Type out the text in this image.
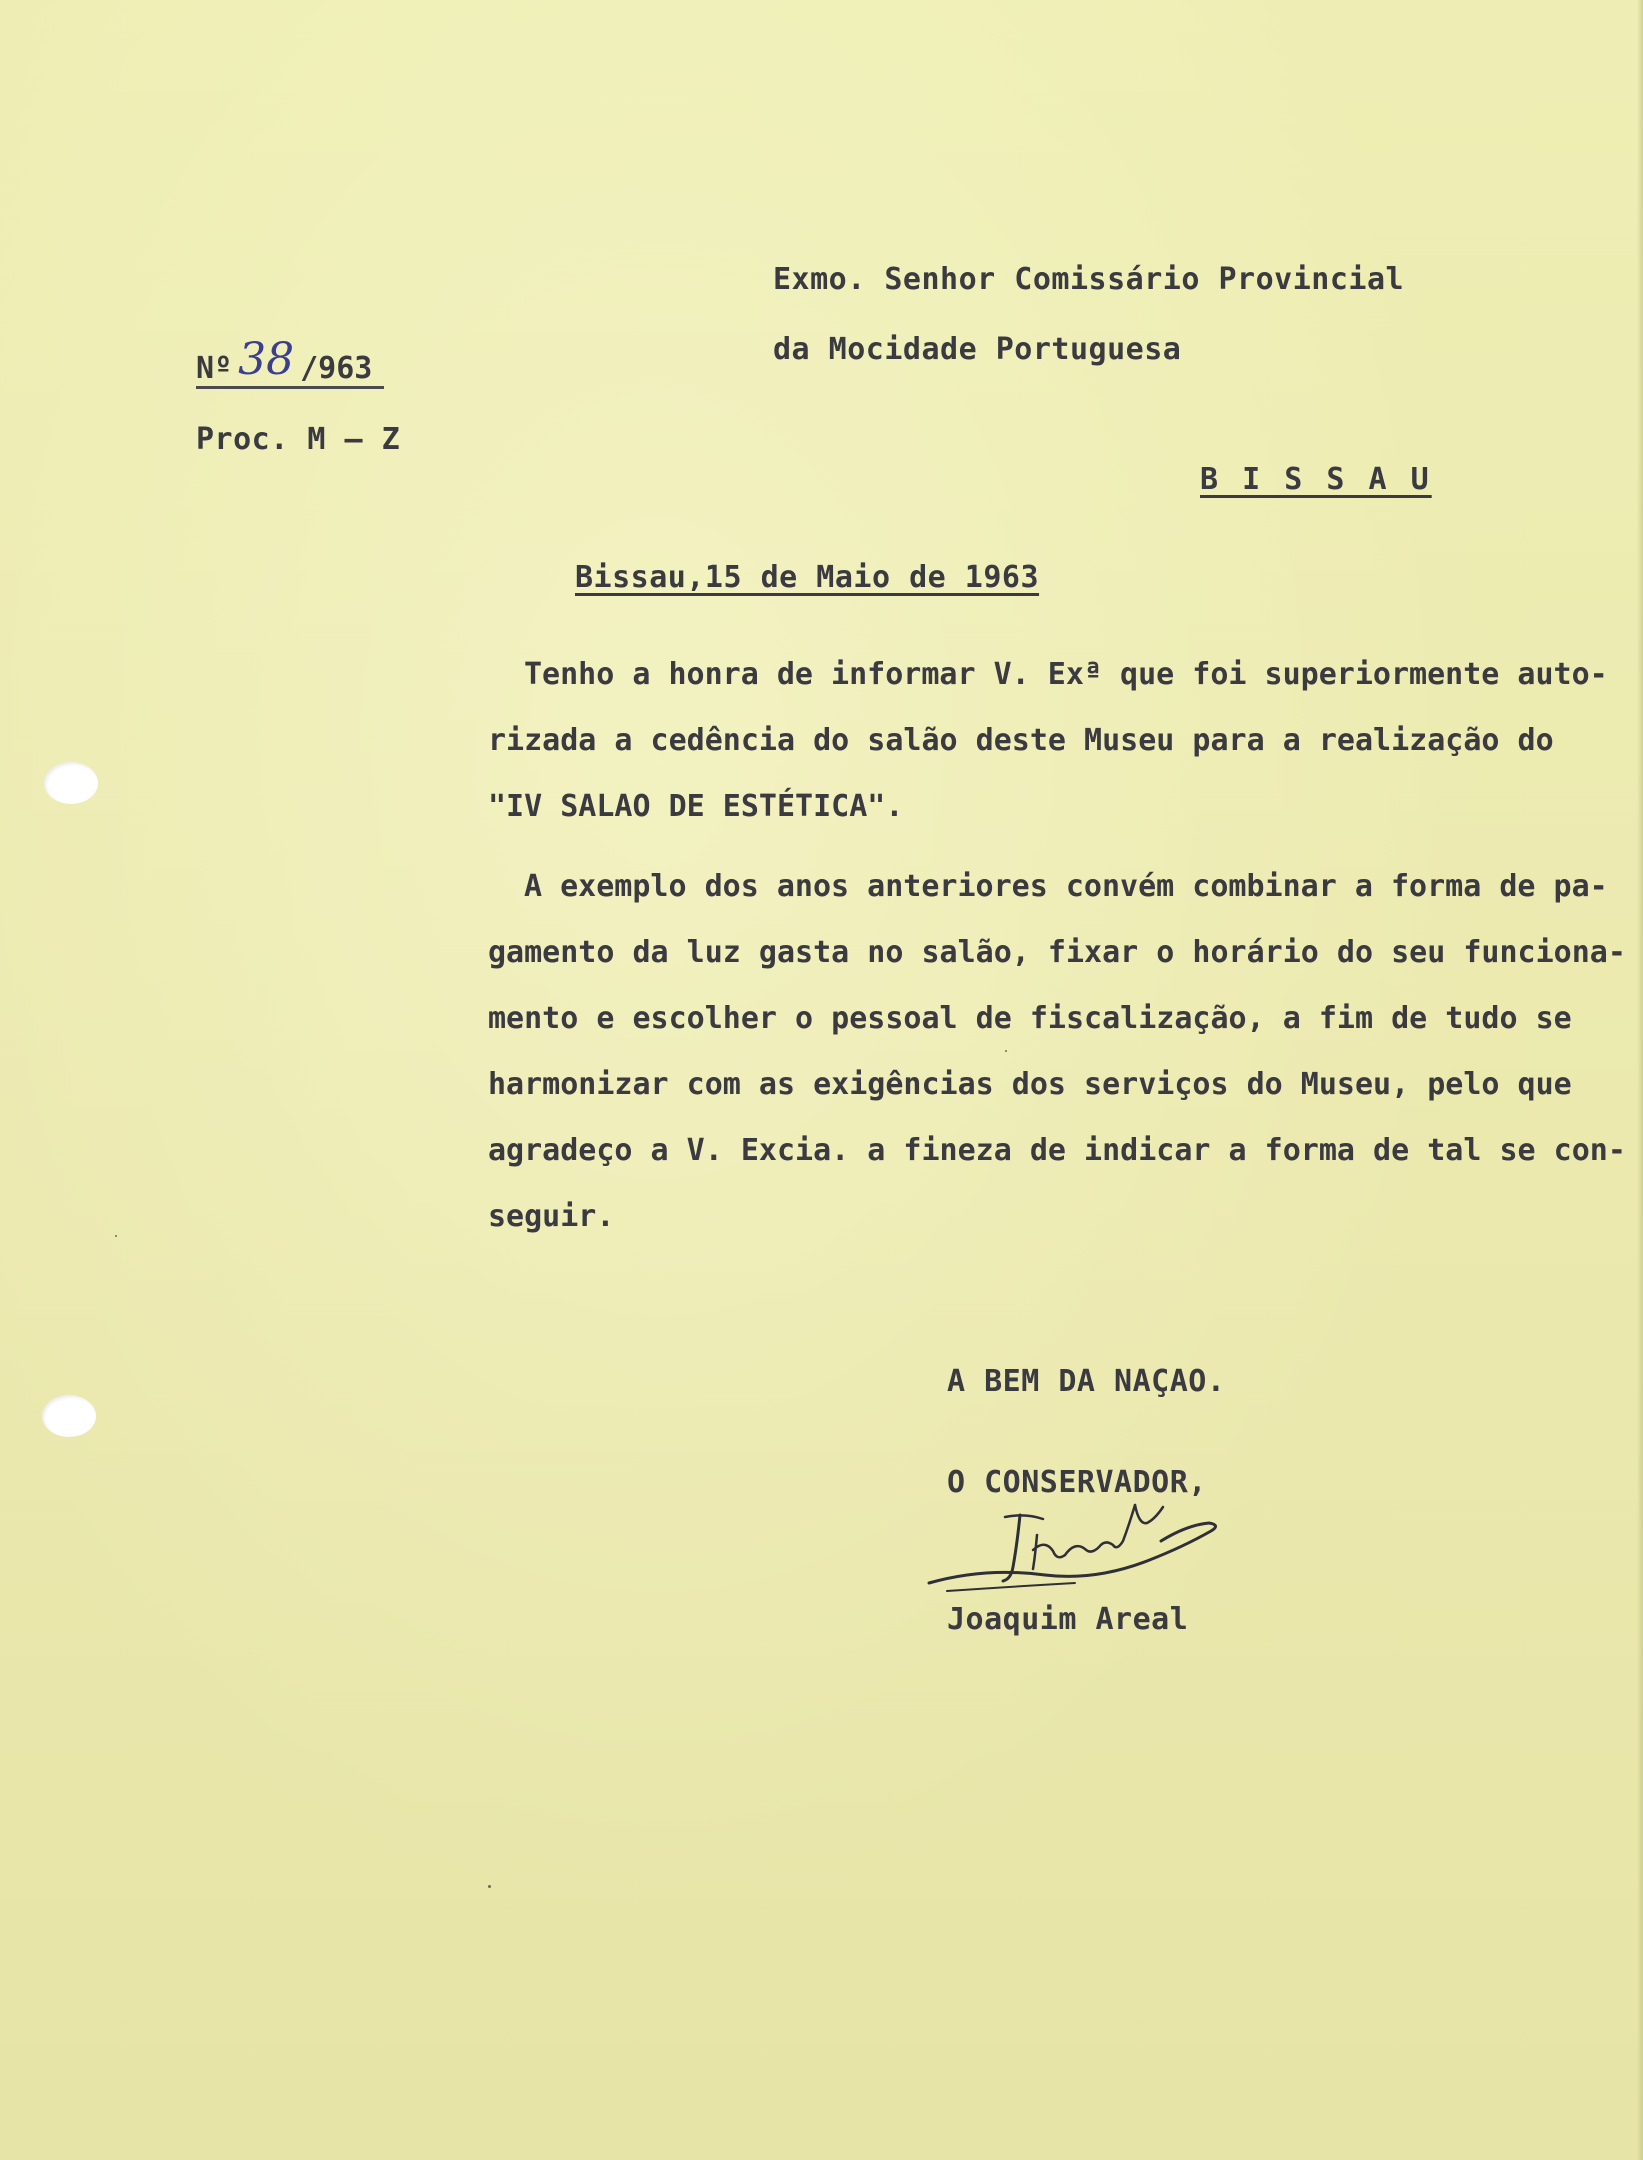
Exmo. Senhor Comissário Provincial

da Mocidade Portuguesa

Nº 38 /963

Proc. M – Z

B I S S A U

Bissau,15 de Maio de 1963

Tenho a honra de informar V. Exª que foi superiormente auto-
rizada a cedência do salão deste Museu para a realização do
"IV SALAO DE ESTÉTICA".
A exemplo dos anos anteriores convém combinar a forma de pa-
gamento da luz gasta no salão, fixar o horário do seu funciona-
mento e escolher o pessoal de fiscalização, a fim de tudo se
harmonizar com as exigências dos serviços do Museu, pelo que
agradeço a V. Excia. a fineza de indicar a forma de tal se con-
seguir.

A BEM DA NAÇAO.

O CONSERVADOR,

Joaquim Areal
